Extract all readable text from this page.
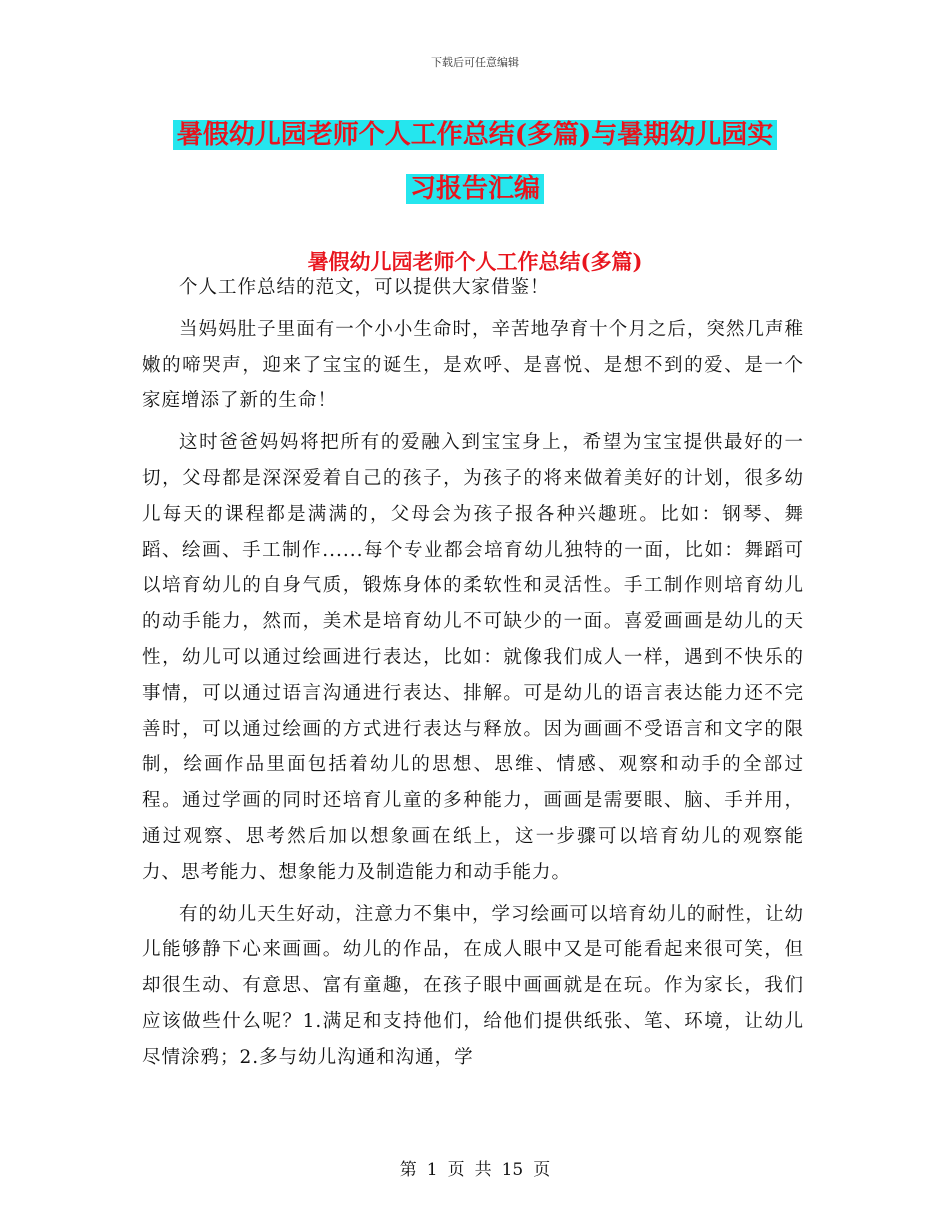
下载后可任意编辑
暑假幼儿园老师个人工作总结(多篇)与暑期幼儿园实
习报告汇编
暑假幼儿园老师个人工作总结(多篇)

个人工作总结的范文，可以提供大家借鉴！

当妈妈肚子里面有一个小小生命时，辛苦地孕育十个月之后，突然几声稚嫩的啼哭声，迎来了宝宝的诞生，是欢呼、是喜悦、是想不到的爱、是一个家庭增添了新的生命！

这时爸爸妈妈将把所有的爱融入到宝宝身上，希望为宝宝提供最好的一切，父母都是深深爱着自己的孩子，为孩子的将来做着美好的计划，很多幼儿每天的课程都是满满的，父母会为孩子报各种兴趣班。比如：钢琴、舞蹈、绘画、手工制作......每个专业都会培育幼儿独特的一面，比如：舞蹈可以培育幼儿的自身气质，锻炼身体的柔软性和灵活性。手工制作则培育幼儿的动手能力，然而，美术是培育幼儿不可缺少的一面。喜爱画画是幼儿的天性，幼儿可以通过绘画进行表达，比如：就像我们成人一样，遇到不快乐的事情，可以通过语言沟通进行表达、排解。可是幼儿的语言表达能力还不完善时，可以通过绘画的方式进行表达与释放。因为画画不受语言和文字的限制，绘画作品里面包括着幼儿的思想、思维、情感、观察和动手的全部过程。通过学画的同时还培育儿童的多种能力，画画是需要眼、脑、手并用，通过观察、思考然后加以想象画在纸上，这一步骤可以培育幼儿的观察能力、思考能力、想象能力及制造能力和动手能力。

有的幼儿天生好动，注意力不集中，学习绘画可以培育幼儿的耐性，让幼儿能够静下心来画画。幼儿的作品，在成人眼中又是可能看起来很可笑，但却很生动、有意思、富有童趣，在孩子眼中画画就是在玩。作为家长，我们应该做些什么呢？1.满足和支持他们，给他们提供纸张、笔、环境，让幼儿尽情涂鸦；2.多与幼儿沟通和沟通，学

第 1 页 共 15 页
